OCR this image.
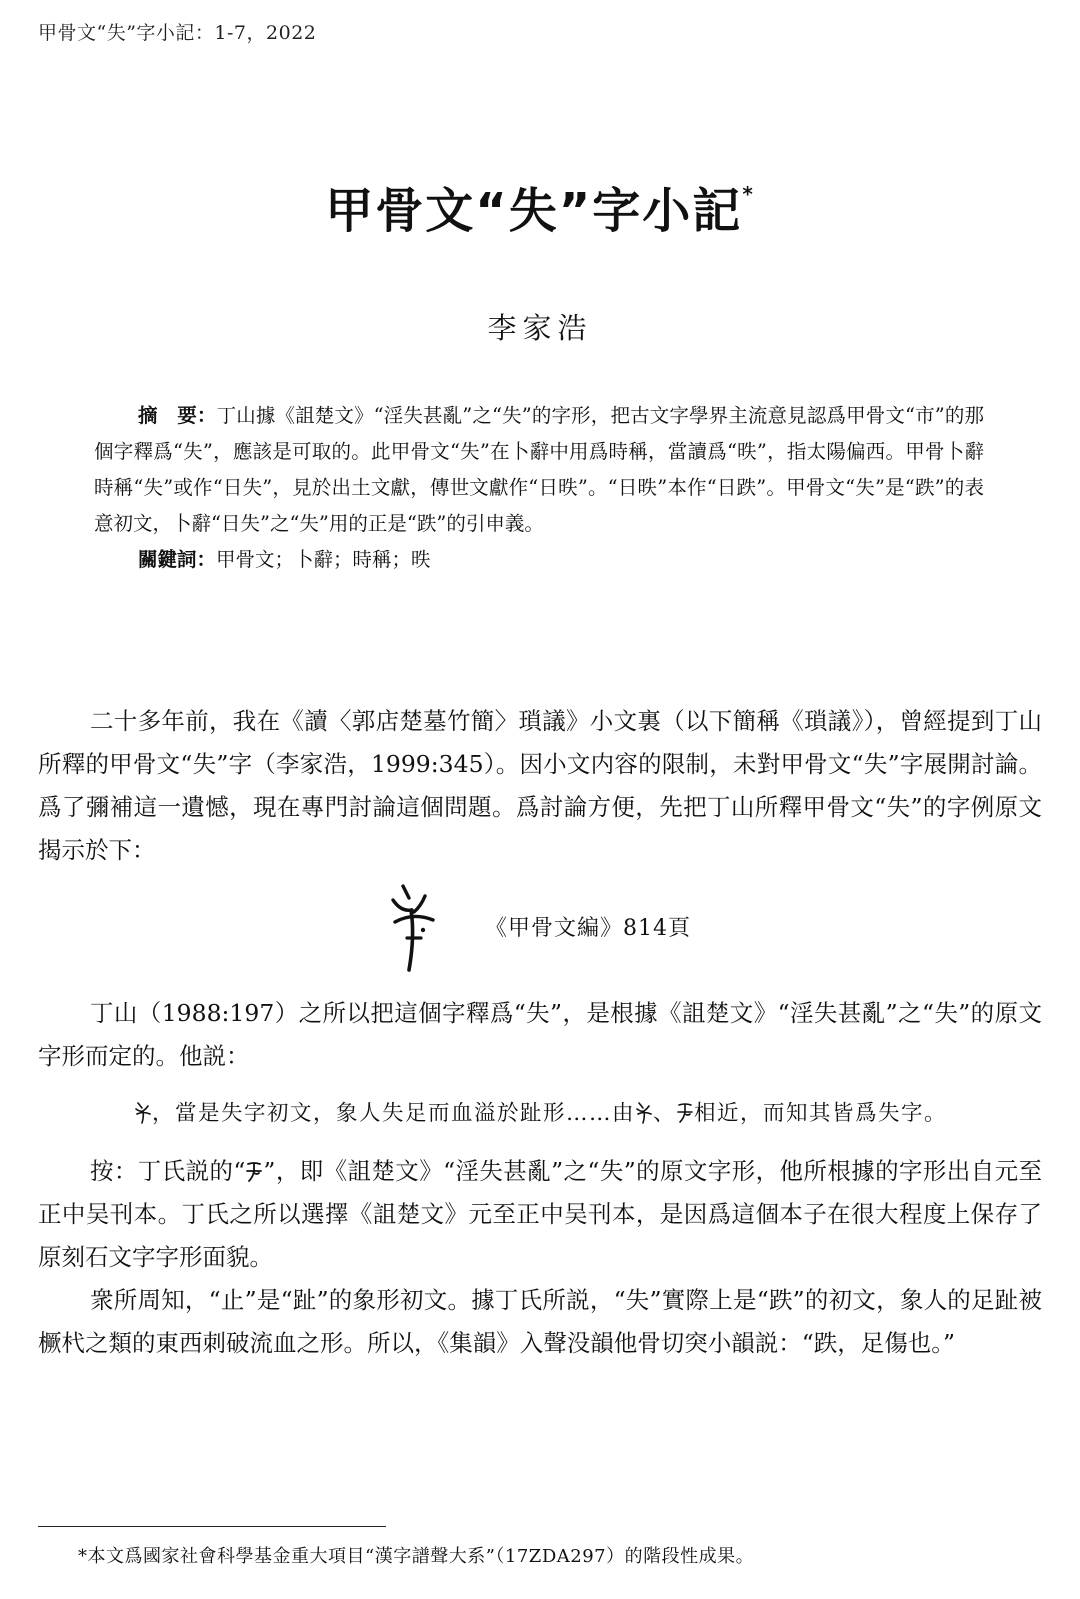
甲骨文“失”字小記：1-7，2022
甲骨文“失”字小記*
李家浩

摘　要：丁山據《詛楚文》“淫失甚亂”之“失”的字形，把古文字學界主流意見認爲甲骨文“市”的那個字釋爲“失”，應該是可取的。此甲骨文“失”在卜辭中用爲時稱，當讀爲“昳”，指太陽偏西。甲骨卜辭時稱“失”或作“日失”，見於出土文獻，傳世文獻作“日昳”。“日昳”本作“日跌”。甲骨文“失”是“跌”的表意初文，卜辭“日失”之“失”用的正是“跌”的引申義。

關鍵詞：甲骨文；卜辭；時稱；昳

二十多年前，我在《讀〈郭店楚墓竹簡〉瑣議》小文裏（以下簡稱《瑣議》），曾經提到丁山所釋的甲骨文“失”字（李家浩，1999:345）。因小文内容的限制，未對甲骨文“失”字展開討論。爲了彌補這一遺憾，現在專門討論這個問題。爲討論方便，先把丁山所釋甲骨文“失”的字例原文揭示於下：

《甲骨文編》814頁

丁山（1988:197）之所以把這個字釋爲“失”，是根據《詛楚文》“淫失甚亂”之“失”的原文字形而定的。他説：

，當是失字初文，象人失足而血溢於趾形……由 、 相近，而知其皆爲失字。

按：丁氏説的“ ”，即《詛楚文》“淫失甚亂”之“失”的原文字形，他所根據的字形出自元至正中吴刊本。丁氏之所以選擇《詛楚文》元至正中吴刊本，是因爲這個本子在很大程度上保存了原刻石文字字形面貌。

衆所周知，“止”是“趾”的象形初文。據丁氏所説，“失”實際上是“跌”的初文，象人的足趾被橛杙之類的東西刺破流血之形。所以，《集韻》入聲没韻他骨切突小韻説：“跌，足傷也。”

*本文爲國家社會科學基金重大項目“漢字譜聲大系”（17ZDA297）的階段性成果。
